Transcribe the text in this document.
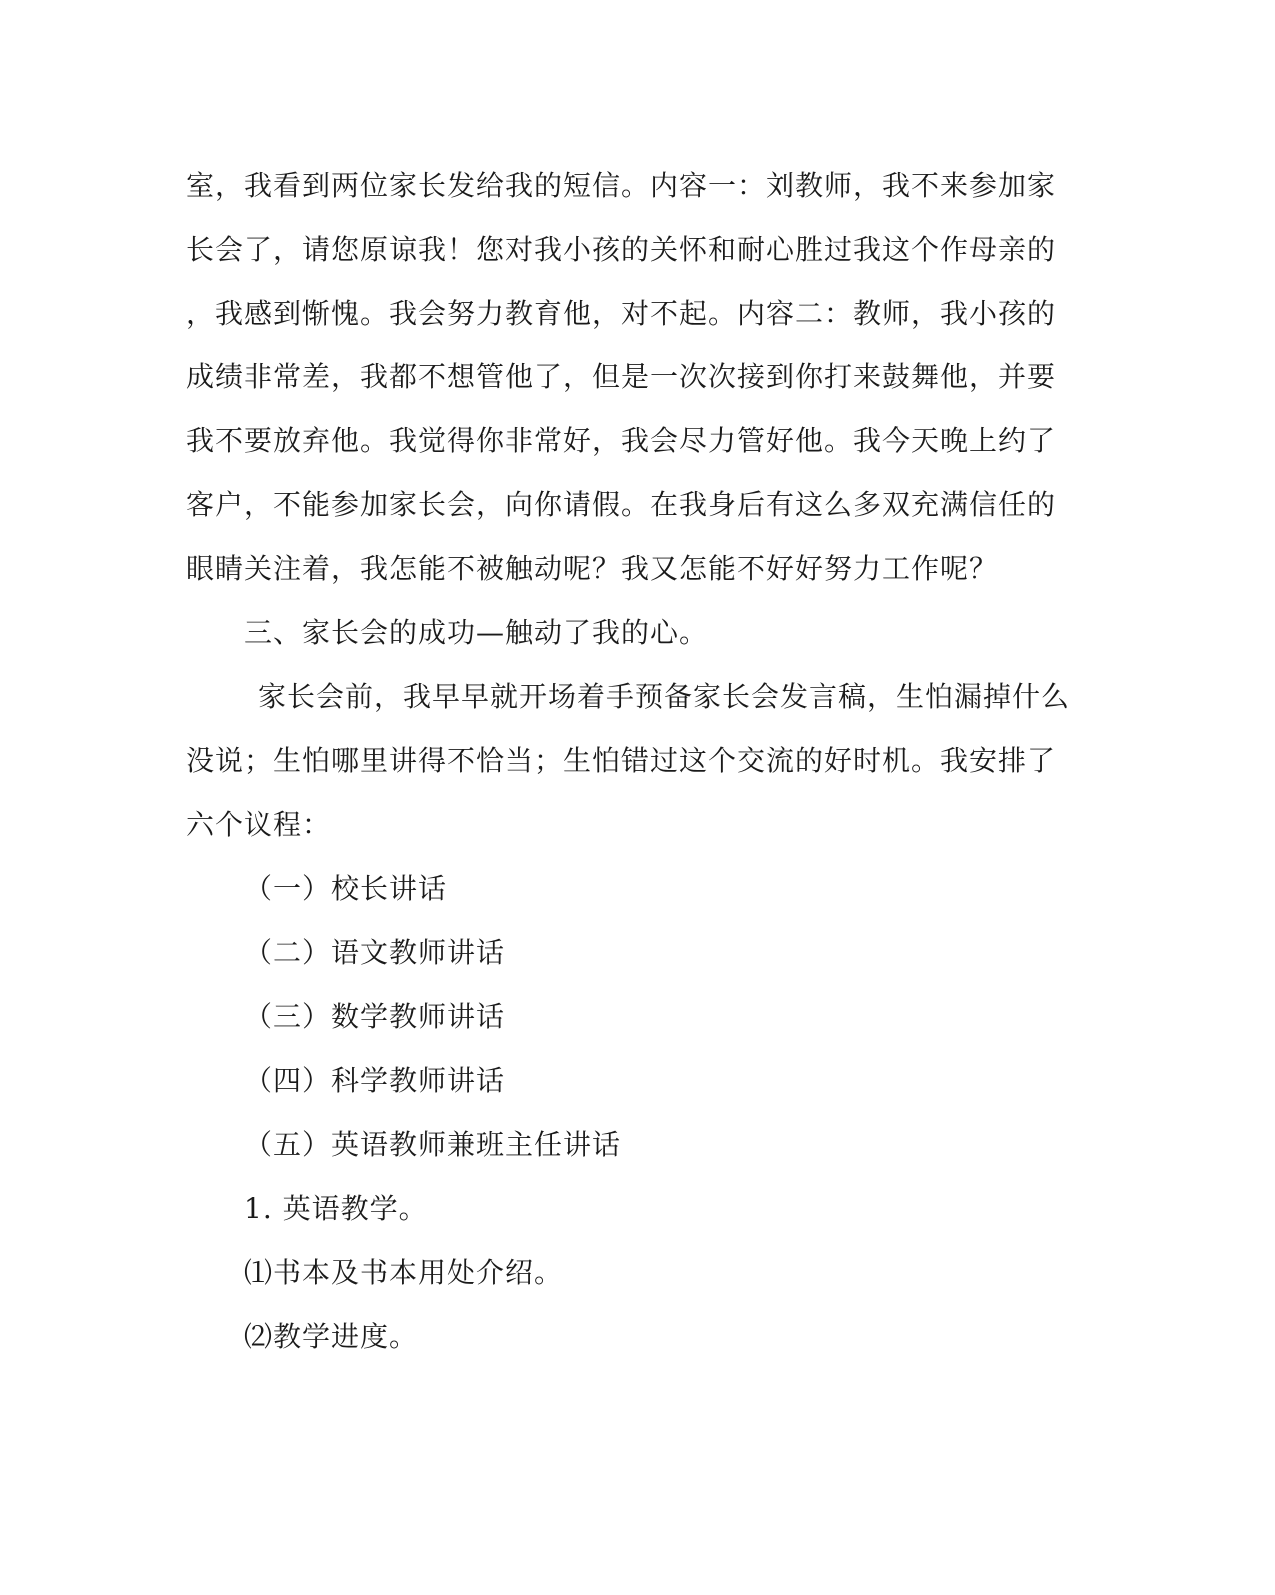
室，我看到两位家长发给我的短信。内容一：刘教师，我不来参加家
长会了，请您原谅我！您对我小孩的关怀和耐心胜过我这个作母亲的
，我感到惭愧。我会努力教育他，对不起。内容二：教师，我小孩的
成绩非常差，我都不想管他了，但是一次次接到你打来鼓舞他，并要
我不要放弃他。我觉得你非常好，我会尽力管好他。我今天晚上约了
客户，不能参加家长会，向你请假。在我身后有这么多双充满信任的
眼睛关注着，我怎能不被触动呢？我又怎能不好好努力工作呢？
三、家长会的成功—触动了我的心。
家长会前，我早早就开场着手预备家长会发言稿，生怕漏掉什么
没说；生怕哪里讲得不恰当；生怕错过这个交流的好时机。我安排了
六个议程：
（一）校长讲话
（二）语文教师讲话
（三）数学教师讲话
（四）科学教师讲话
（五）英语教师兼班主任讲话
1. 英语教学。
⑴书本及书本用处介绍。
⑵教学进度。
